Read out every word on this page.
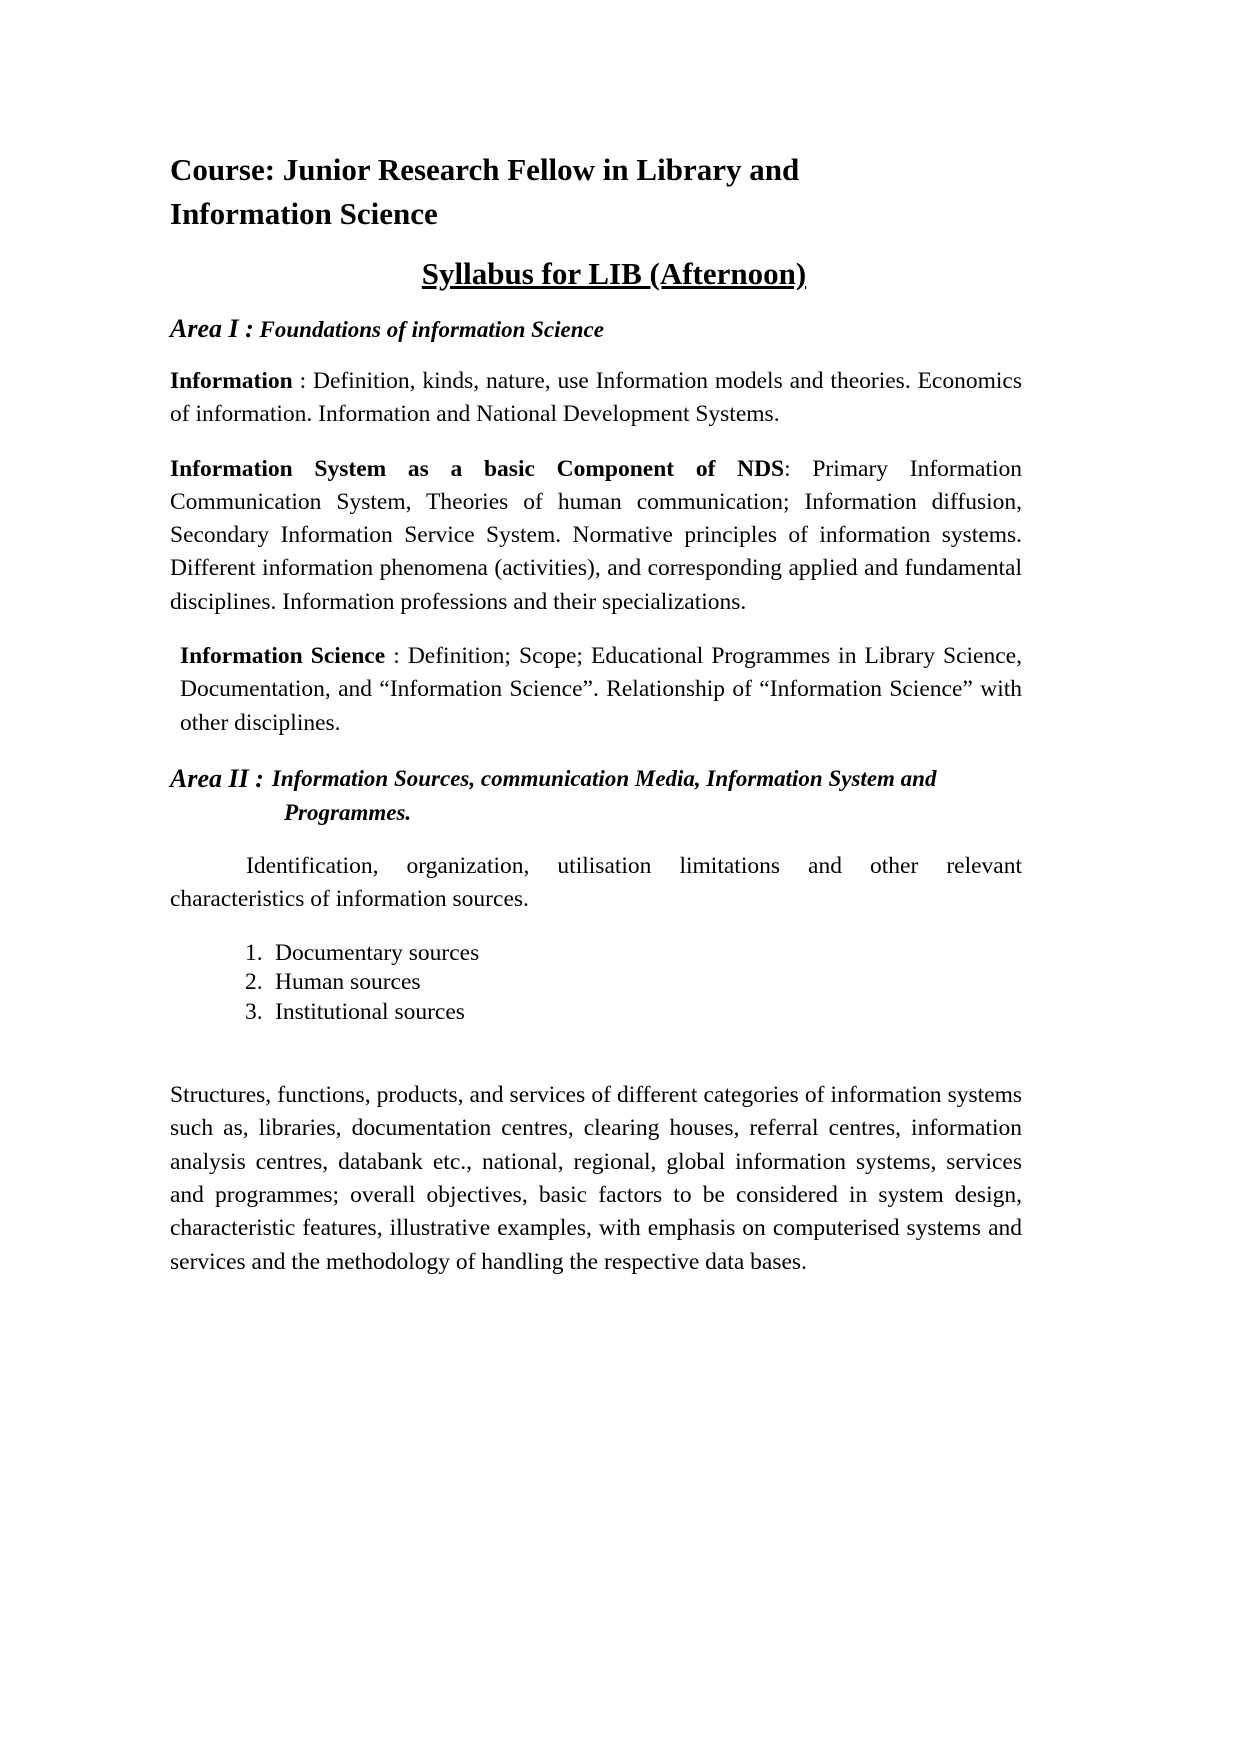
Course: Junior Research Fellow in Library and Information Science
Syllabus for LIB (Afternoon)

Area I : Foundations of information Science

Information : Definition, kinds, nature, use Information models and theories. Economics of information. Information and National Development Systems.

Information System as a basic Component of NDS: Primary Information Communication System, Theories of human communication; Information diffusion, Secondary Information Service System. Normative principles of information systems. Different information phenomena (activities), and corresponding applied and fundamental disciplines. Information professions and their specializations.

Information Science : Definition; Scope; Educational Programmes in Library Science, Documentation, and “Information Science”. Relationship of “Information Science” with other disciplines.

Area II : Information Sources, communication Media, Information System and
Programmes.

Identification, organization, utilisation limitations and other relevant characteristics of information sources.

1. Documentary sources
2. Human sources
3. Institutional sources

Structures, functions, products, and services of different categories of information systems such as, libraries, documentation centres, clearing houses, referral centres, information analysis centres, databank etc., national, regional, global information systems, services and programmes; overall objectives, basic factors to be considered in system design, characteristic features, illustrative examples, with emphasis on computerised systems and services and the methodology of handling the respective data bases.
